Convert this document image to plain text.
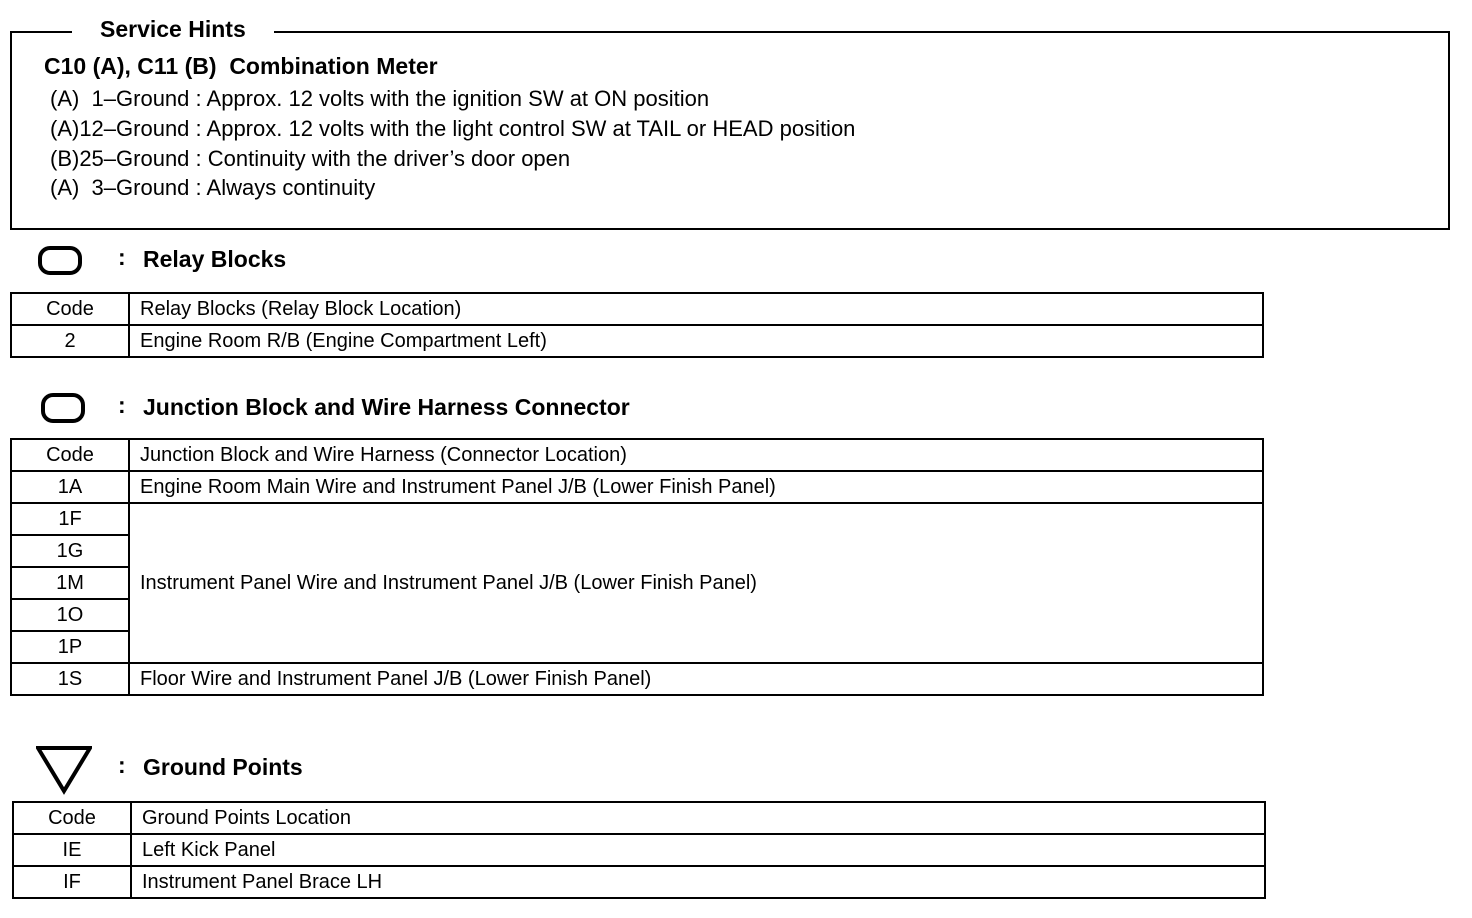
Service Hints
C10 (A), C11 (B)  Combination Meter
(A)  1–Ground : Approx. 12 volts with the ignition SW at ON position
(A)12–Ground : Approx. 12 volts with the light control SW at TAIL or HEAD position
(B)25–Ground : Continuity with the driver’s door open
(A)  3–Ground : Always continuity
: Relay Blocks
Code	Relay Blocks (Relay Block Location)
2	Engine Room R/B (Engine Compartment Left)
: Junction Block and Wire Harness Connector
Code	Junction Block and Wire Harness (Connector Location)
1A	Engine Room Main Wire and Instrument Panel J/B (Lower Finish Panel)
1F	Instrument Panel Wire and Instrument Panel J/B (Lower Finish Panel)
1G	
1M	
1O	
1P	
1S	Floor Wire and Instrument Panel J/B (Lower Finish Panel)
: Ground Points
Code	Ground Points Location
IE	Left Kick Panel
IF	Instrument Panel Brace LH
